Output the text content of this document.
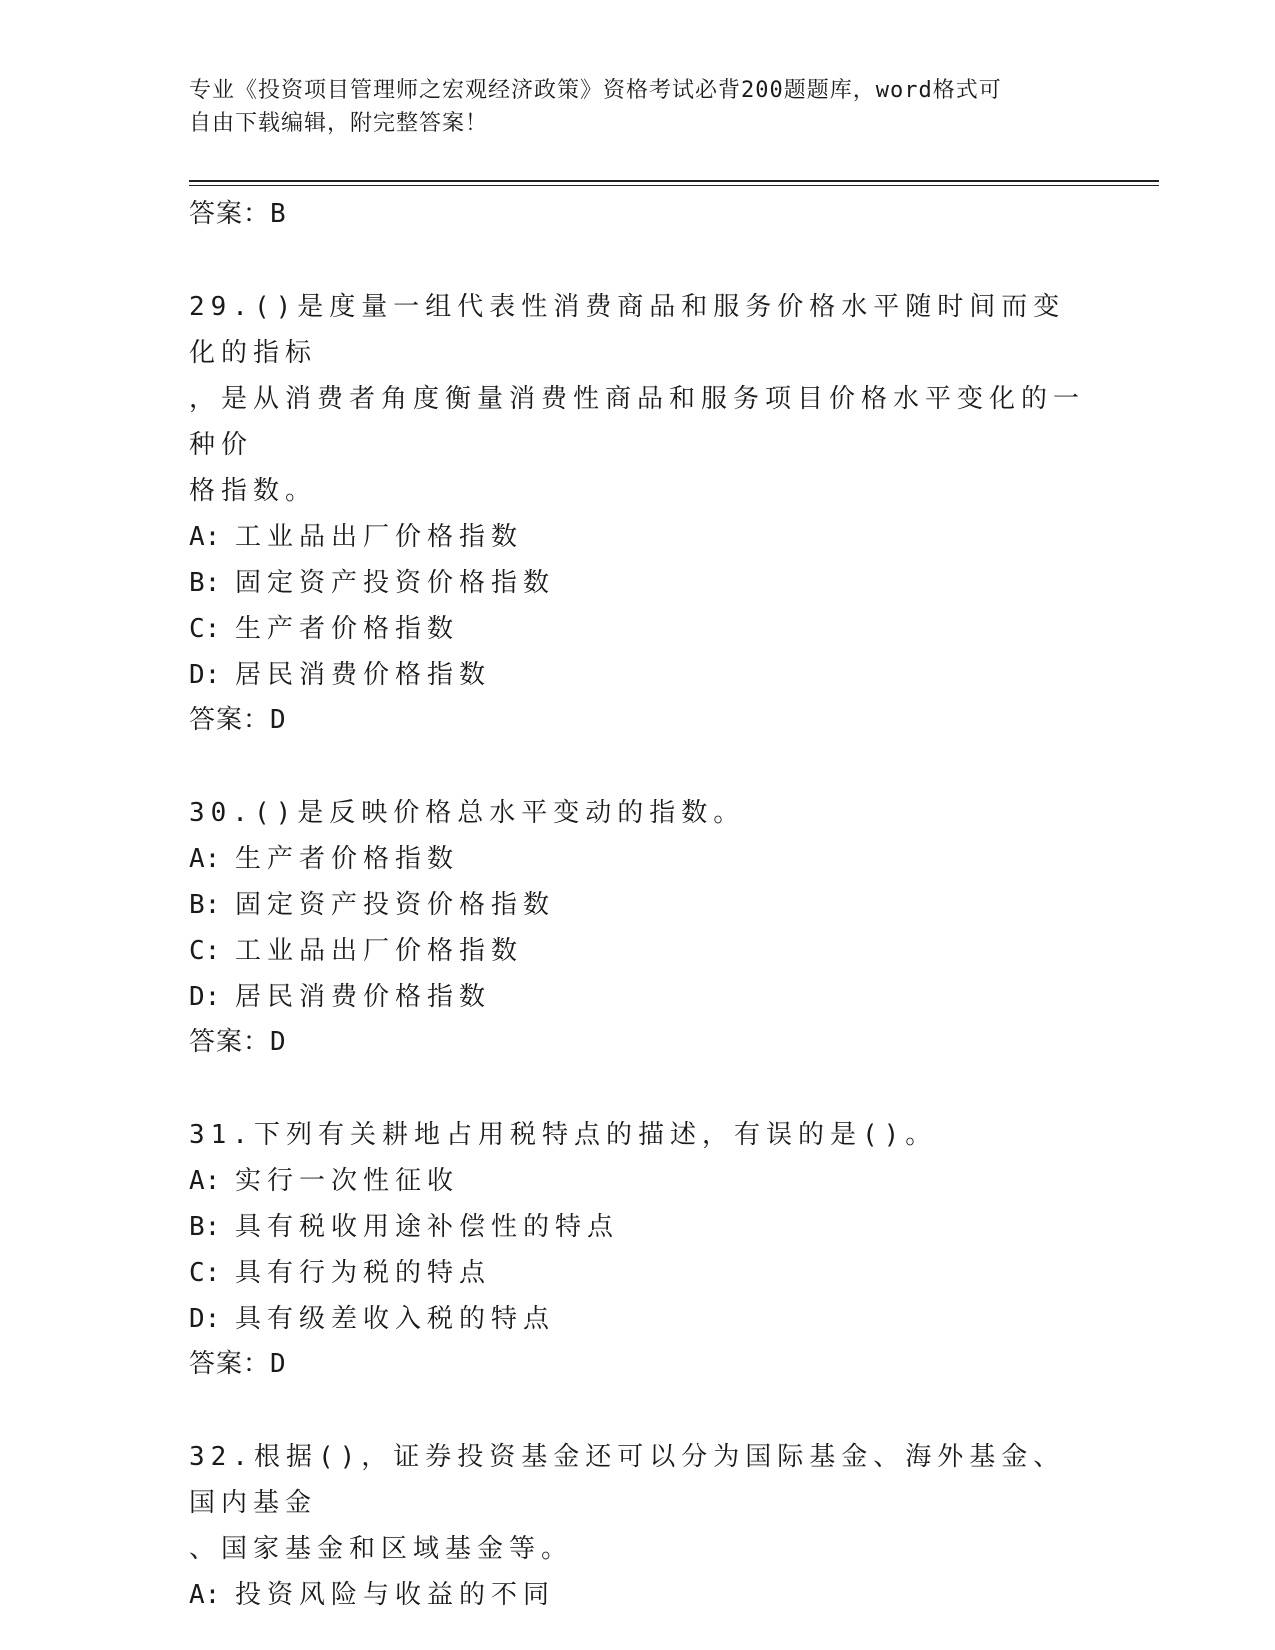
专业《投资项目管理师之宏观经济政策》资格考试必背200题题库，word格式可
自由下载编辑，附完整答案！

答案：B

29.()是度量一组代表性消费商品和服务价格水平随时间而变化的指标

，是从消费者角度衡量消费性商品和服务项目价格水平变化的一种价

格指数。

A: 工业品出厂价格指数

B: 固定资产投资价格指数

C: 生产者价格指数

D: 居民消费价格指数

答案：D

30.()是反映价格总水平变动的指数。

A: 生产者价格指数

B: 固定资产投资价格指数

C: 工业品出厂价格指数

D: 居民消费价格指数

答案：D

31.下列有关耕地占用税特点的描述，有误的是()。

A: 实行一次性征收

B: 具有税收用途补偿性的特点

C: 具有行为税的特点

D: 具有级差收入税的特点

答案：D

32.根据()，证券投资基金还可以分为国际基金、海外基金、国内基金

、国家基金和区域基金等。

A: 投资风险与收益的不同
